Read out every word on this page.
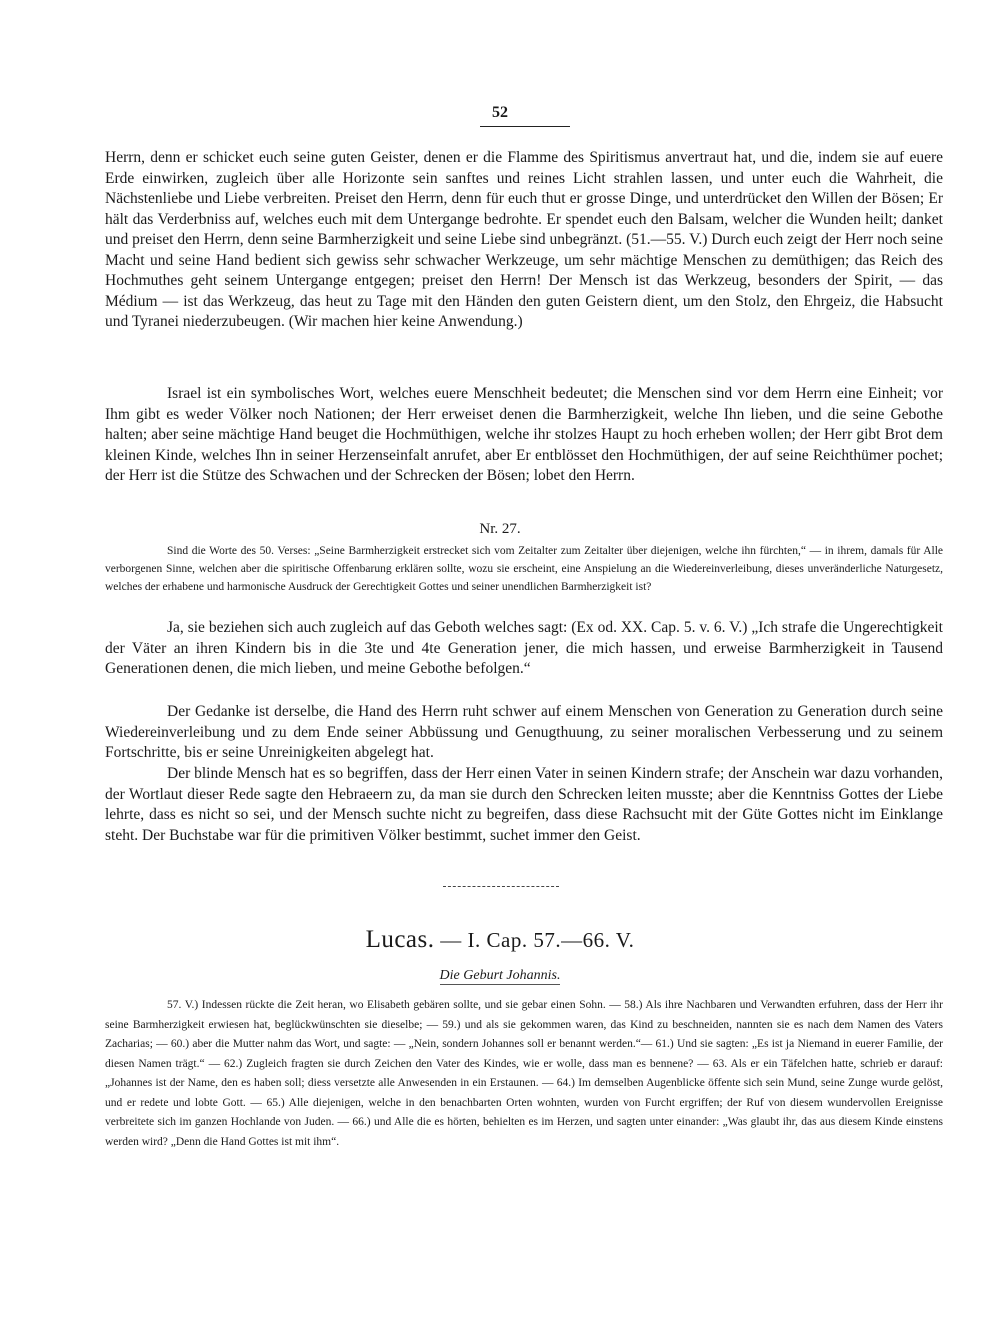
52

Herrn, denn er schicket euch seine guten Geister, denen er die Flamme des Spiritismus anvertraut hat, und die, indem sie auf euere Erde einwirken, zugleich über alle Horizonte sein sanftes und reines Licht strahlen lassen, und unter euch die Wahrheit, die Nächstenliebe und Liebe verbreiten. Preiset den Herrn, denn für euch thut er grosse Dinge, und unterdrücket den Willen der Bösen; Er hält das Verderbniss auf, welches euch mit dem Untergange bedrohte. Er spendet euch den Balsam, welcher die Wunden heilt; danket und preiset den Herrn, denn seine Barmherzigkeit und seine Liebe sind unbegränzt. (51.—55. V.) Durch euch zeigt der Herr noch seine Macht und seine Hand bedient sich gewiss sehr schwacher Werkzeuge, um sehr mächtige Menschen zu demüthigen; das Reich des Hochmuthes geht seinem Untergange entgegen; preiset den Herrn! Der Mensch ist das Werkzeug, besonders der Spirit, — das Médium — ist das Werkzeug, das heut zu Tage mit den Händen den guten Geistern dient, um den Stolz, den Ehrgeiz, die Habsucht und Tyranei niederzubeugen. (Wir machen hier keine Anwendung.)

Israel ist ein symbolisches Wort, welches euere Menschheit bedeutet; die Menschen sind vor dem Herrn eine Einheit; vor Ihm gibt es weder Völker noch Nationen; der Herr erweiset denen die Barmherzigkeit, welche Ihn lieben, und die seine Gebothe halten; aber seine mächtige Hand beuget die Hochmüthigen, welche ihr stolzes Haupt zu hoch erheben wollen; der Herr gibt Brot dem kleinen Kinde, welches Ihn in seiner Herzenseinfalt anrufet, aber Er entblösset den Hochmüthigen, der auf seine Reichthümer pochet; der Herr ist die Stütze des Schwachen und der Schrecken der Bösen; lobet den Herrn.

Nr. 27.

Sind die Worte des 50. Verses: „Seine Barmherzigkeit erstrecket sich vom Zeitalter zum Zeitalter über diejenigen, welche ihn fürchten,“ — in ihrem, damals für Alle verborgenen Sinne, welchen aber die spiritische Offenbarung erklären sollte, wozu sie erscheint, eine Anspielung an die Wiedereinverleibung, dieses unveränderliche Naturgesetz, welches der erhabene und harmonische Ausdruck der Gerechtigkeit Gottes und seiner unendlichen Barmherzigkeit ist?

Ja, sie beziehen sich auch zugleich auf das Geboth welches sagt: (Ex od. XX. Cap. 5. v. 6. V.) „Ich strafe die Ungerechtigkeit der Väter an ihren Kindern bis in die 3te und 4te Generation jener, die mich hassen, und erweise Barmherzigkeit in Tausend Generationen denen, die mich lieben, und meine Gebothe befolgen.“

Der Gedanke ist derselbe, die Hand des Herrn ruht schwer auf einem Menschen von Generation zu Generation durch seine Wiedereinverleibung und zu dem Ende seiner Abbüssung und Genugthuung, zu seiner moralischen Verbesserung und zu seinem Fortschritte, bis er seine Unreinigkeiten abgelegt hat.

Der blinde Mensch hat es so begriffen, dass der Herr einen Vater in seinen Kindern strafe; der Anschein war dazu vorhanden, der Wortlaut dieser Rede sagte den Hebraeern zu, da man sie durch den Schrecken leiten musste; aber die Kenntniss Gottes der Liebe lehrte, dass es nicht so sei, und der Mensch suchte nicht zu begreifen, dass diese Rachsucht mit der Güte Gottes nicht im Einklange steht. Der Buchstabe war für die primitiven Völker bestimmt, suchet immer den Geist.

Lucas. — I. Cap. 57.—66. V.
Die Geburt Johannis.

57. V.) Indessen rückte die Zeit heran, wo Elisabeth gebären sollte, und sie gebar einen Sohn. — 58.) Als ihre Nachbaren und Verwandten erfuhren, dass der Herr ihr seine Barmherzigkeit erwiesen hat, beglückwünschten sie dieselbe; — 59.) und als sie gekommen waren, das Kind zu beschneiden, nannten sie es nach dem Namen des Vaters Zacharias; — 60.) aber die Mutter nahm das Wort, und sagte: — „Nein, sondern Johannes soll er benannt werden.“— 61.) Und sie sagten: „Es ist ja Niemand in euerer Familie, der diesen Namen trägt.“ — 62.) Zugleich fragten sie durch Zeichen den Vater des Kindes, wie er wolle, dass man es bennene? — 63. Als er ein Täfelchen hatte, schrieb er darauf: „Johannes ist der Name, den es haben soll; diess versetzte alle Anwesenden in ein Erstaunen. — 64.) Im demselben Augenblicke öffente sich sein Mund, seine Zunge wurde gelöst, und er redete und lobte Gott. — 65.) Alle diejenigen, welche in den benachbarten Orten wohnten, wurden von Furcht ergriffen; der Ruf von diesem wundervollen Ereignisse verbreitete sich im ganzen Hochlande von Juden. — 66.) und Alle die es hörten, behielten es im Herzen, und sagten unter einander: „Was glaubt ihr, das aus diesem Kinde einstens werden wird? „Denn die Hand Gottes ist mit ihm“.
